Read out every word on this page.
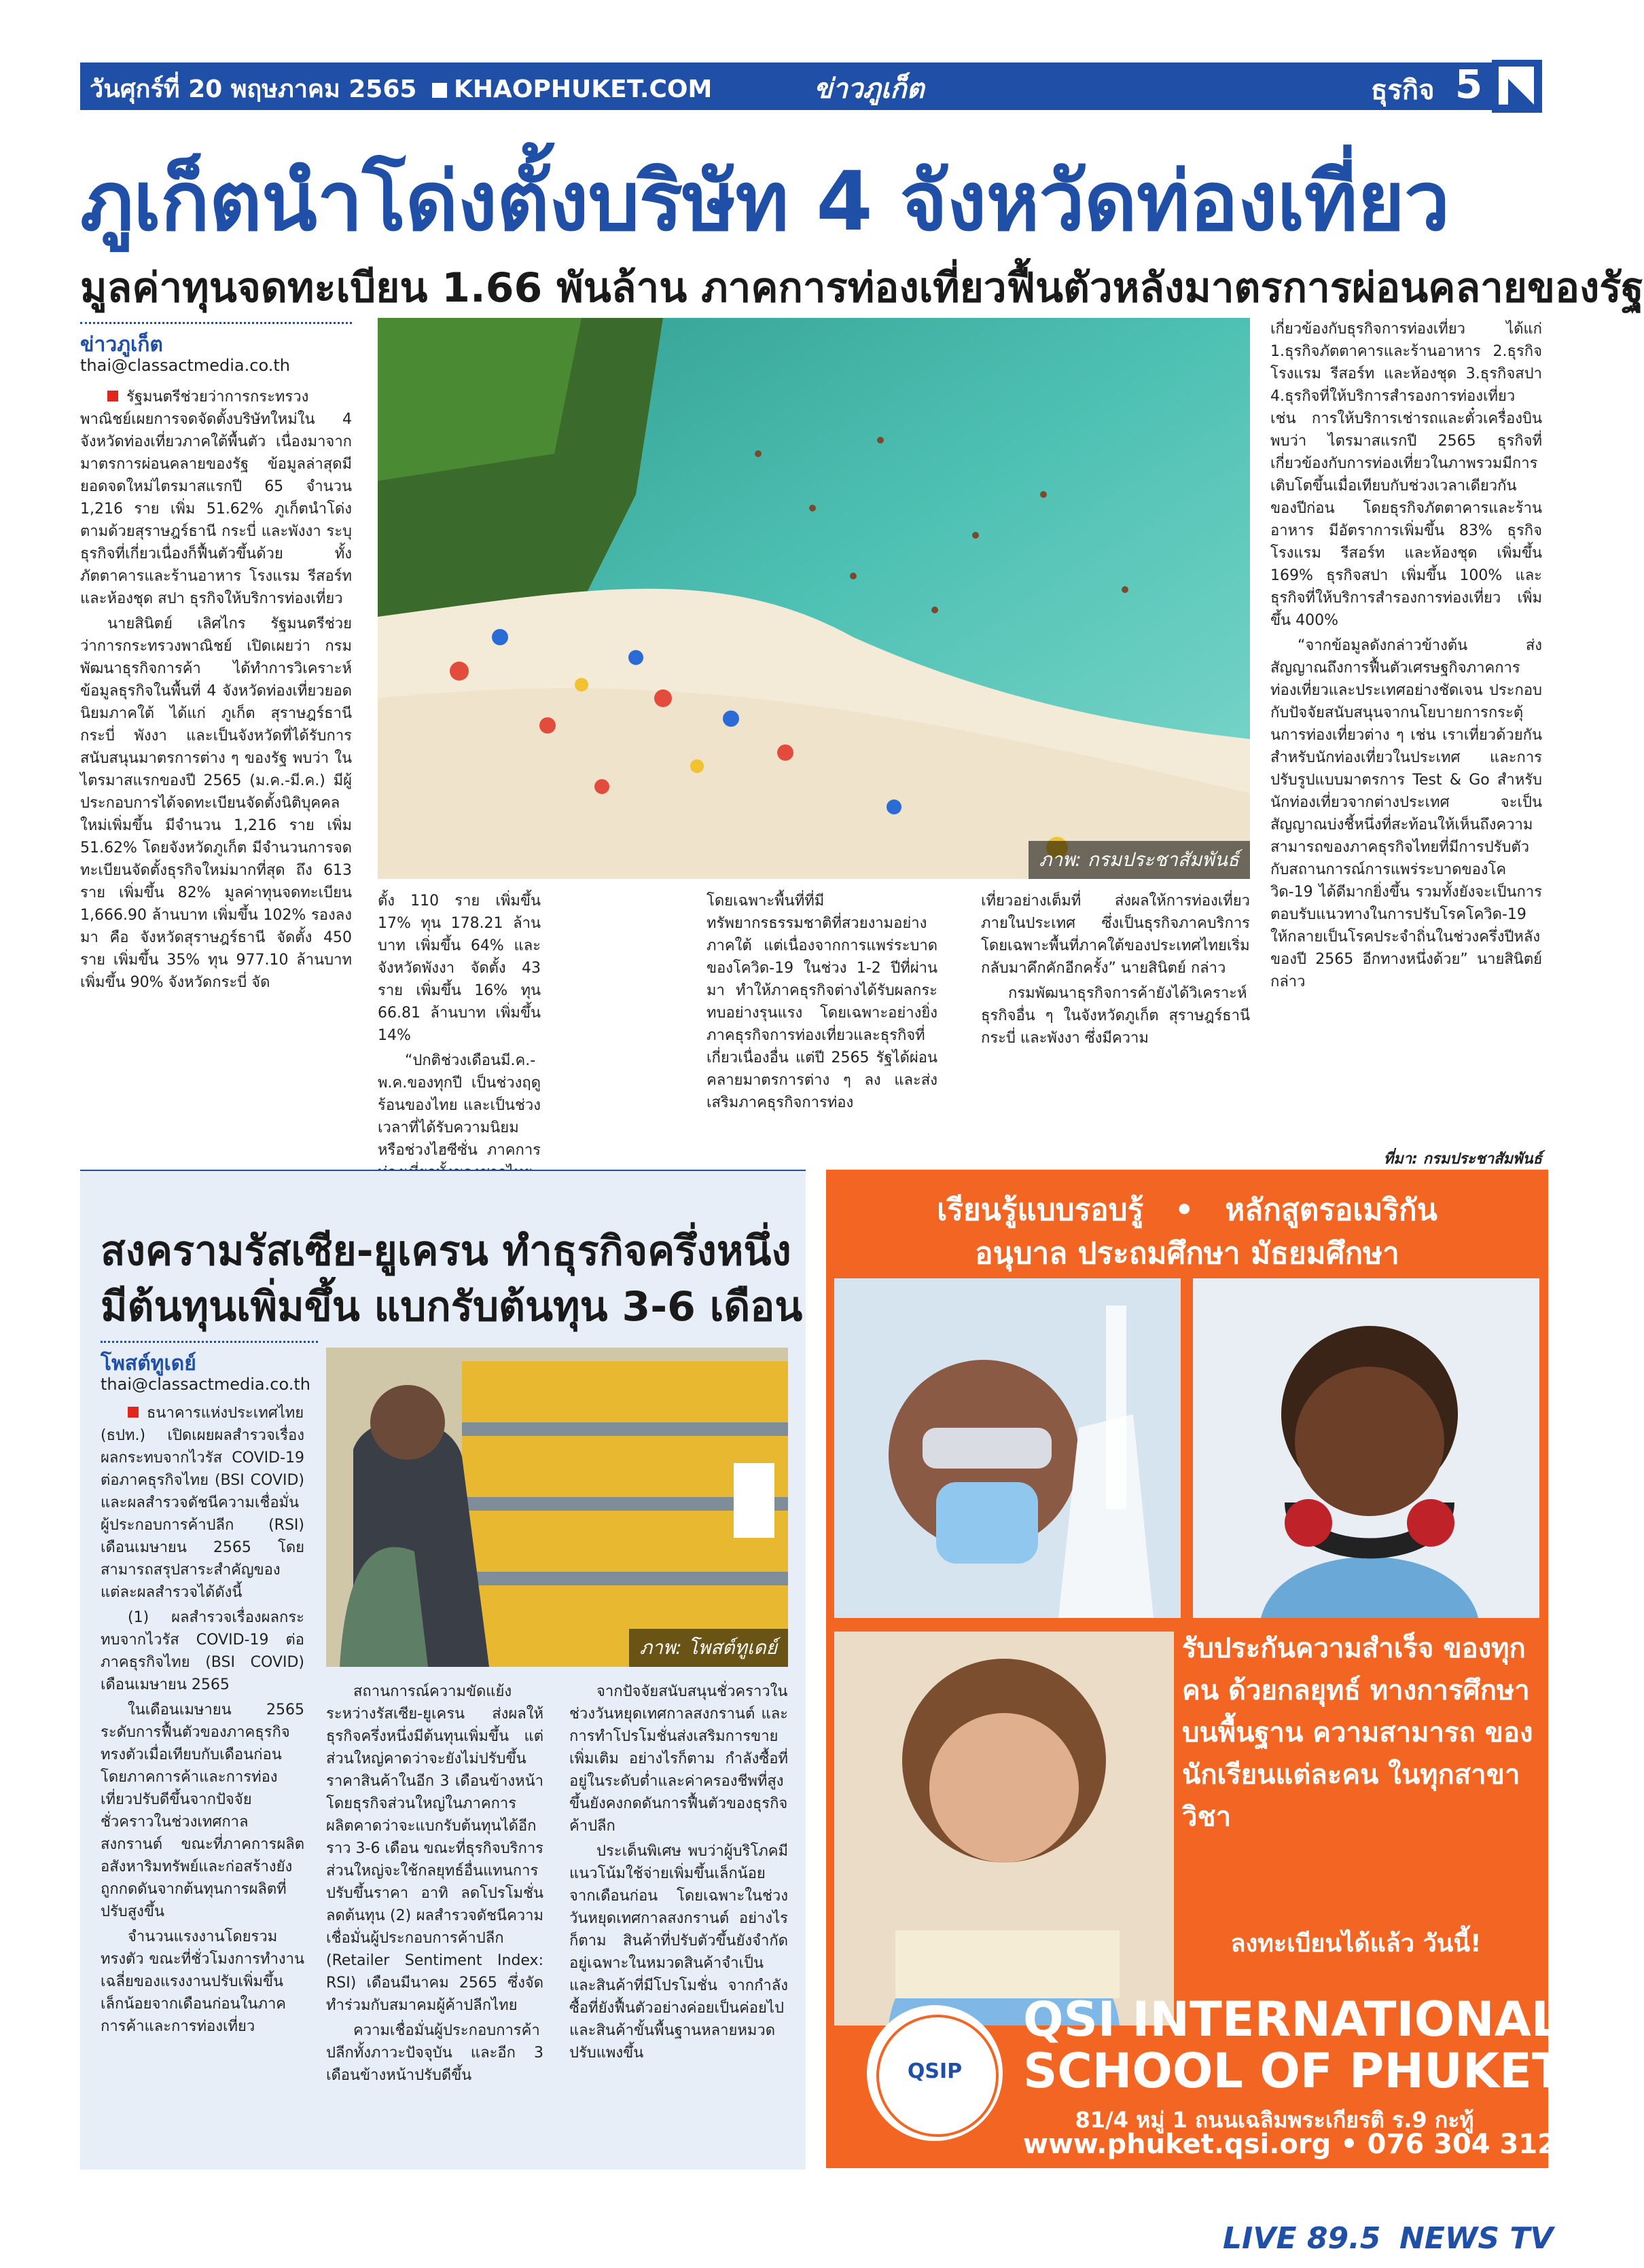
วันศุกร์ที่ 20 พฤษภาคม 2565 KHAOPHUKET.COM	ข่าวภูเก็ต	ธุรกิจ 5
ภูเก็ตนำโด่งตั้งบริษัท 4 จังหวัดท่องเที่ยว
มูลค่าทุนจดทะเบียน 1.66 พันล้าน ภาคการท่องเที่ยวฟื้นตัวหลังมาตรการผ่อนคลายของรัฐ
ข่าวภูเก็ต
thai@classactmedia.co.th

รัฐมนตรีช่วยว่าการกระทรวงพาณิชย์เผยการจดจัดตั้งบริษัทใหม่ใน 4 จังหวัดท่องเที่ยวภาคใต้พื้นตัว เนื่องมาจากมาตรการผ่อนคลายของรัฐ ข้อมูลล่าสุดมียอดจดใหม่ไตรมาสแรกปี 65 จำนวน 1,216 ราย เพิ่ม 51.62% ภูเก็ตนำโด่ง ตามด้วยสุราษฎร์ธานี กระบี่ และพังงา ระบุธุรกิจที่เกี่ยวเนื่องก็ฟื้นตัวขึ้นด้วย ทั้งภัตตาคารและร้านอาหาร โรงแรม รีสอร์ทและห้องชุด สปา ธุรกิจให้บริการท่องเที่ยว

นายสินิตย์ เลิศไกร รัฐมนตรีช่วยว่าการกระทรวงพาณิชย์ เปิดเผยว่า กรมพัฒนาธุรกิจการค้า ได้ทำการวิเคราะห์ข้อมูลธุรกิจในพื้นที่ 4 จังหวัดท่องเที่ยวยอดนิยมภาคใต้ ได้แก่ ภูเก็ต สุราษฎร์ธานี กระบี่ พังงา และเป็นจังหวัดที่ได้รับการสนับสนุนมาตรการต่าง ๆ ของรัฐ พบว่า ในไตรมาสแรกของปี 2565 (ม.ค.-มี.ค.) มีผู้ประกอบการได้จดทะเบียนจัดตั้งนิติบุคคลใหม่เพิ่มขึ้น มีจำนวน 1,216 ราย เพิ่ม 51.62% โดยจังหวัดภูเก็ต มีจำนวนการจดทะเบียนจัดตั้งธุรกิจใหม่มากที่สุด ถึง 613 ราย เพิ่มขึ้น 82% มูลค่าทุนจดทะเบียน 1,666.90 ล้านบาท เพิ่มขึ้น 102% รองลงมา คือ จังหวัดสุราษฎร์ธานี จัดตั้ง 450 ราย เพิ่มขึ้น 35% ทุน 977.10 ล้านบาท เพิ่มขึ้น 90% จังหวัดกระบี่ จัด

ภาพ: กรมประชาสัมพันธ์

ตั้ง 110 ราย เพิ่มขึ้น 17% ทุน 178.21 ล้านบาท เพิ่มขึ้น 64% และจังหวัดพังงา จัดตั้ง 43 ราย เพิ่มขึ้น 16% ทุน 66.81 ล้านบาท เพิ่มขึ้น 14%

“ปกติช่วงเดือนมี.ค.-พ.ค.ของทุกปี เป็นช่วงฤดูร้อนของไทย และเป็นช่วงเวลาที่ได้รับความนิยมหรือช่วงไฮซีซั่น ภาคการ

โดยเฉพาะพื้นที่ที่มีทรัพยากรธรรมชาติที่สวยงามอย่างภาคใต้ แต่เนื่องจากการแพร่ระบาดของโควิด-19 ในช่วง 1-2 ปีที่ผ่านมา ทำให้ภาคธุรกิจต่างได้รับผลกระทบอย่างรุนแรง โดยเฉพาะอย่างยิ่งภาคธุรกิจการท่องเที่ยวและธุรกิจที่เกี่ยวเนื่องอื่น แต่ปี 2565 รัฐได้ผ่อนคลายมาตรการต่าง ๆ ลง และส่งเสริมภาคธุรกิจการท่อง

เที่ยวอย่างเต็มที่ ส่งผลให้การท่องเที่ยวภายในประเทศ ซึ่งเป็นธุรกิจภาคบริการ โดยเฉพาะพื้นที่ภาคใต้ของประเทศไทยเริ่มกลับมาคึกคักอีกครั้ง” นายสินิตย์ กล่าว

กรมพัฒนาธุรกิจการค้ายังได้วิเคราะห์ธุรกิจอื่น ๆ ในจังหวัดภูเก็ต สุราษฎร์ธานี กระบี่ และพังงา ซึ่งมีความ

เกี่ยวข้องกับธุรกิจการท่องเที่ยว ได้แก่ 1.ธุรกิจภัตตาคารและร้านอาหาร 2.ธุรกิจโรงแรม รีสอร์ท และห้องชุด 3.ธุรกิจสปา 4.ธุรกิจที่ให้บริการสำรองการท่องเที่ยว เช่น การให้บริการเช่ารถและตั๋วเครื่องบิน พบว่า ไตรมาสแรกปี 2565 ธุรกิจที่เกี่ยวข้องกับการท่องเที่ยวในภาพรวมมีการเติบโตขึ้นเมื่อเทียบกับช่วงเวลาเดียวกันของปีก่อน โดยธุรกิจภัตตาคารและร้านอาหาร มีอัตราการเพิ่มขึ้น 83% ธุรกิจโรงแรม รีสอร์ท และห้องชุด เพิ่มขึ้น 169% ธุรกิจสปา เพิ่มขึ้น 100% และธุรกิจที่ให้บริการสำรองการท่องเที่ยว เพิ่มขึ้น 400%

“จากข้อมูลดังกล่าวข้างต้น ส่งสัญญาณถึงการฟื้นตัวเศรษฐกิจภาคการท่องเที่ยวและประเทศอย่างชัดเจน ประกอบกับปัจจัยสนับสนุนจากนโยบายการกระตุ้นการท่องเที่ยวต่าง ๆ เช่น เราเที่ยวด้วยกัน สำหรับนักท่องเที่ยวในประเทศ และการปรับรูปแบบมาตรการ Test & Go สำหรับนักท่องเที่ยวจากต่างประเทศ จะเป็นสัญญาณบ่งชี้หนึ่งที่สะท้อนให้เห็นถึงความสามารถของภาคธุรกิจไทยที่มีการปรับตัวกับสถานการณ์การแพร่ระบาดของโควิด-19 ได้ดีมากยิ่งขึ้น รวมทั้งยังจะเป็นการตอบรับแนวทางในการปรับโรคโควิด-19 ให้กลายเป็นโรคประจำถิ่นในช่วงครึ่งปีหลังของปี 2565 อีกทางหนึ่งด้วย” นายสินิตย์ กล่าว

ที่มา: กรมประชาสัมพันธ์
สงครามรัสเซีย-ยูเครน ทำธุรกิจครึ่งหนึ่ง
มีต้นทุนเพิ่มขึ้น แบกรับต้นทุน 3-6 เดือน
โพสต์ทูเดย์
thai@classactmedia.co.th
ภาพ: โพสต์ทูเดย์

ธนาคารแห่งประเทศไทย (ธปท.) เปิดเผยผลสำรวจเรื่องผลกระทบจากไวรัส COVID-19 ต่อภาคธุรกิจไทย (BSI COVID) และผลสำรวจดัชนีความเชื่อมั่นผู้ประกอบการค้าปลีก (RSI) เดือนเมษายน 2565 โดยสามารถสรุปสาระสำคัญของแต่ละผลสำรวจได้ดังนี้

(1) ผลสำรวจเรื่องผลกระทบจากไวรัส COVID-19 ต่อภาคธุรกิจไทย (BSI COVID) เดือนเมษายน 2565

ในเดือนเมษายน 2565 ระดับการฟื้นตัวของภาคธุรกิจทรงตัวเมื่อเทียบกับเดือนก่อน โดยภาคการค้าและการท่องเที่ยวปรับดีขึ้นจากปัจจัยชั่วคราวในช่วงเทศกาลสงกรานต์ ขณะที่ภาคการผลิตอสังหาริมทรัพย์และก่อสร้างยังถูกกดดันจากต้นทุนการผลิตที่ปรับสูงขึ้น

จำนวนแรงงานโดยรวมทรงตัว ขณะที่ชั่วโมงการทำงานเฉลี่ยของแรงงานปรับเพิ่มขึ้นเล็กน้อยจากเดือนก่อนในภาคการค้าและการท่องเที่ยว

สถานการณ์ความขัดแย้งระหว่างรัสเซีย-ยูเครน ส่งผลให้ธุรกิจครึ่งหนึ่งมีต้นทุนเพิ่มขึ้น แต่ส่วนใหญ่คาดว่าจะยังไม่ปรับขึ้นราคาสินค้าในอีก 3 เดือนข้างหน้า โดยธุรกิจส่วนใหญ่ในภาคการผลิตคาดว่าจะแบกรับต้นทุนได้อีกราว 3-6 เดือน ขณะที่ธุรกิจบริการส่วนใหญ่จะใช้กลยุทธ์อื่นแทนการปรับขึ้นราคา อาทิ ลดโปรโมชั่น ลดต้นทุน (2) ผลสำรวจดัชนีความเชื่อมั่นผู้ประกอบการค้าปลีก (Retailer Sentiment Index: RSI) เดือนมีนาคม 2565 ซึ่งจัดทำร่วมกับสมาคมผู้ค้าปลีกไทย

ความเชื่อมั่นผู้ประกอบการค้าปลีกทั้งภาวะปัจจุบัน และอีก 3 เดือนข้างหน้าปรับดีขึ้น

จากปัจจัยสนับสนุนชั่วคราวในช่วงวันหยุดเทศกาลสงกรานต์ และการทำโปรโมชั่นส่งเสริมการขายเพิ่มเติม อย่างไรก็ตาม กำลังซื้อที่อยู่ในระดับต่ำและค่าครองชีพที่สูงขึ้นยังคงกดดันการฟื้นตัวของธุรกิจค้าปลีก

ประเด็นพิเศษ พบว่าผู้บริโภคมีแนวโน้มใช้จ่ายเพิ่มขึ้นเล็กน้อยจากเดือนก่อน โดยเฉพาะในช่วงวันหยุดเทศกาลสงกรานต์ อย่างไรก็ตาม สินค้าที่ปรับตัวขึ้นยังจำกัดอยู่เฉพาะในหมวดสินค้าจำเป็น และสินค้าที่มีโปรโมชั่น จากกำลังซื้อที่ยังฟื้นตัวอย่างค่อยเป็นค่อยไป และสินค้าขั้นพื้นฐานหลายหมวดปรับแพงขึ้น

เรียนรู้แบบรอบรู้ • หลักสูตรอเมริกัน
อนุบาล ประถมศึกษา มัธยมศึกษา
รับประกันความสำเร็จ ของทุกคน ด้วยกลยุทธ์ ทางการศึกษาบนพื้นฐาน ความสามารถ ของนักเรียนแต่ละคน ในทุกสาขาวิชา
ลงทะเบียนได้แล้ว วันนี้!
QSIP
QSI INTERNATIONAL
SCHOOL OF PHUKET
81/4 หมู่ 1 ถนนเฉลิมพระเกียรติ ร.9 กะทู้
www.phuket.qsi.org • 076 304 312
LIVE 89.5 NEWS TV
